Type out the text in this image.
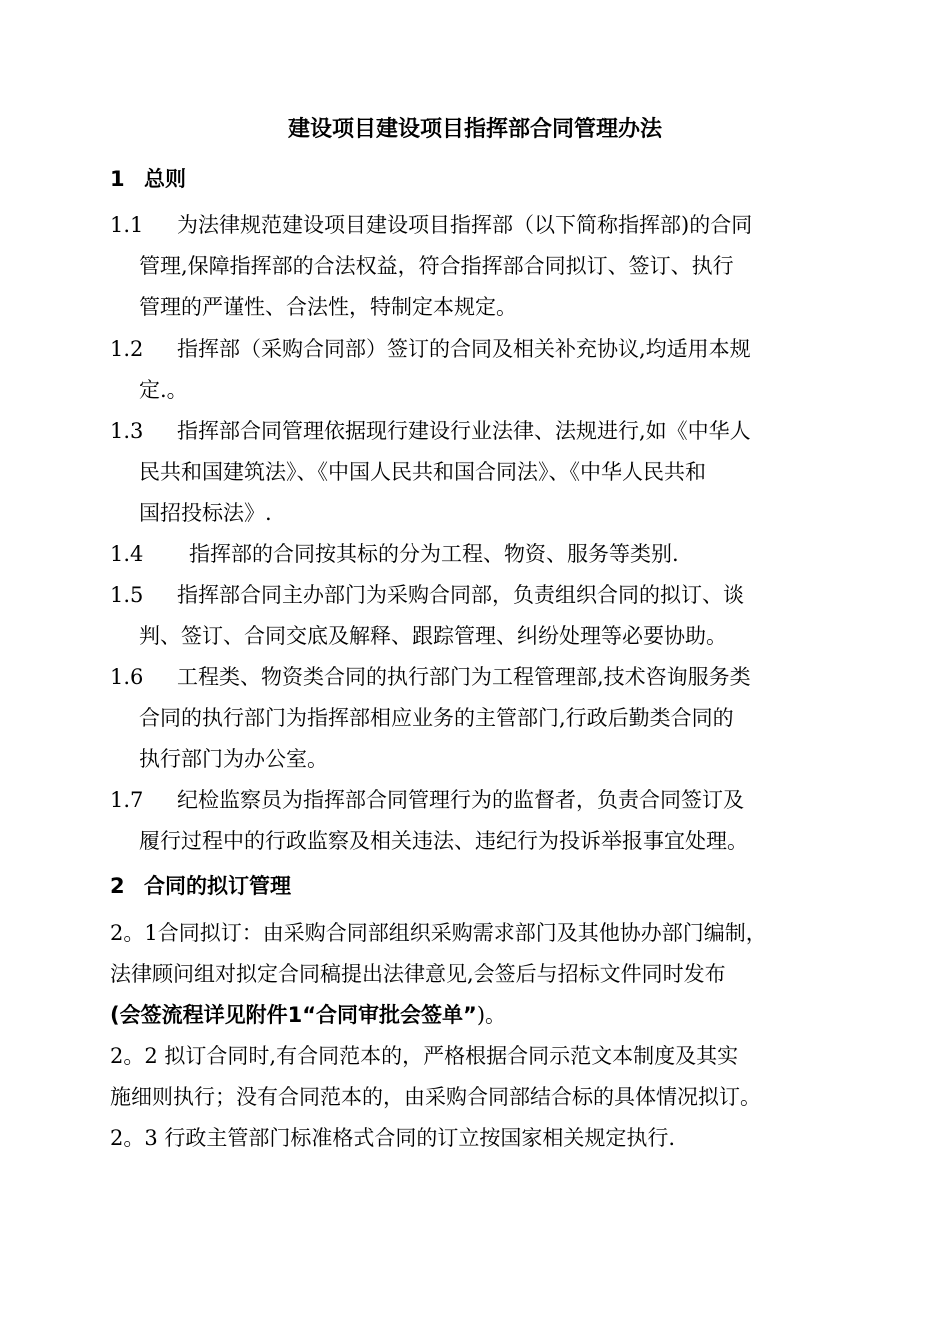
建设项目建设项目指挥部合同管理办法
1 总则
1.1 为法律规范建设项目建设项目指挥部（以下简称指挥部)的合同
管理,保障指挥部的合法权益，符合指挥部合同拟订、签订、执行
管理的严谨性、合法性，特制定本规定。
1.2 指挥部（采购合同部）签订的合同及相关补充协议,均适用本规
定.。
1.3 指挥部合同管理依据现行建设行业法律、法规进行,如《中华人
民共和国建筑法》、《中国人民共和国合同法》、《中华人民共和
国招投标法》.
1.4 指挥部的合同按其标的分为工程、物资、服务等类别.
1.5 指挥部合同主办部门为采购合同部，负责组织合同的拟订、谈
判、签订、合同交底及解释、跟踪管理、纠纷处理等必要协助。
1.6 工程类、物资类合同的执行部门为工程管理部,技术咨询服务类
合同的执行部门为指挥部相应业务的主管部门,行政后勤类合同的
执行部门为办公室。
1.7 纪检监察员为指挥部合同管理行为的监督者，负责合同签订及
履行过程中的行政监察及相关违法、违纪行为投诉举报事宜处理。
2 合同的拟订管理
2。1合同拟订：由采购合同部组织采购需求部门及其他协办部门编制，
法律顾问组对拟定合同稿提出法律意见,会签后与招标文件同时发布
(会签流程详见附件1“合同审批会签单”)。
2。2 拟订合同时,有合同范本的，严格根据合同示范文本制度及其实
施细则执行；没有合同范本的，由采购合同部结合标的具体情况拟订。
2。3 行政主管部门标准格式合同的订立按国家相关规定执行.
